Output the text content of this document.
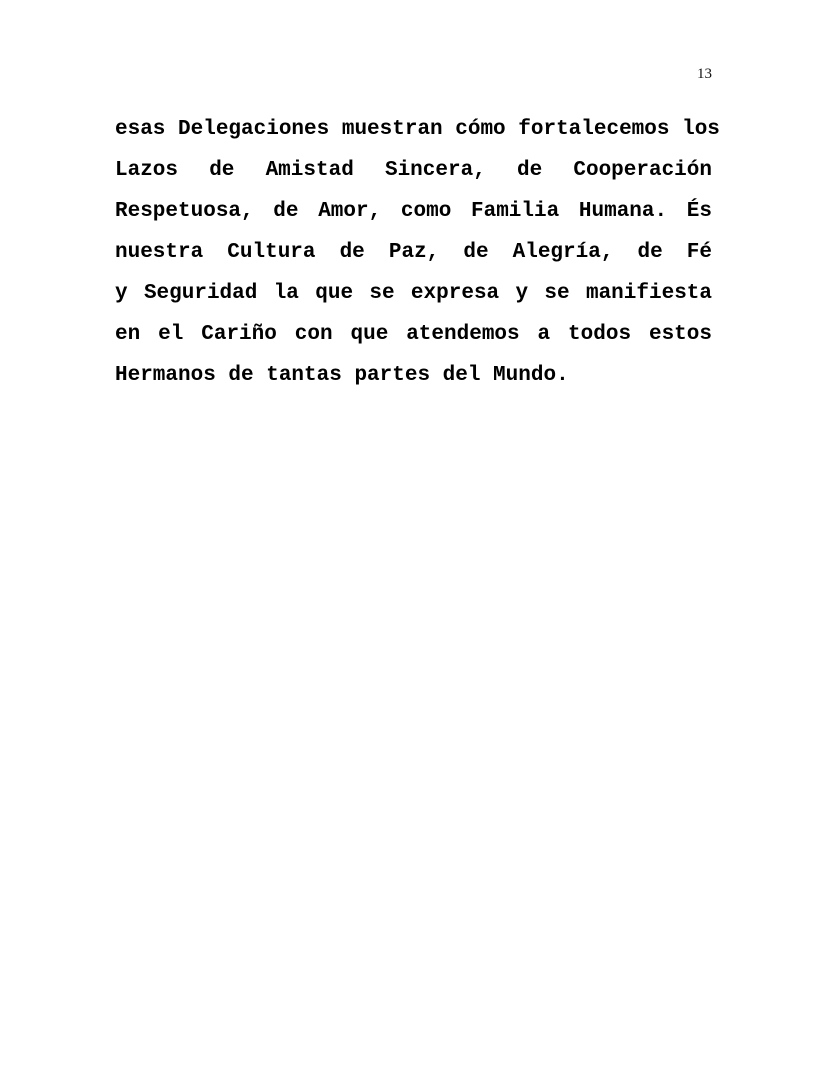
13
esas Delegaciones muestran cómo fortalecemos los
Lazos de Amistad Sincera, de Cooperación
Respetuosa, de Amor, como Familia Humana. És
nuestra Cultura de Paz, de Alegría, de Fé
y Seguridad la que se expresa y se manifiesta
en el Cariño con que atendemos a todos estos
Hermanos de tantas partes del Mundo.
